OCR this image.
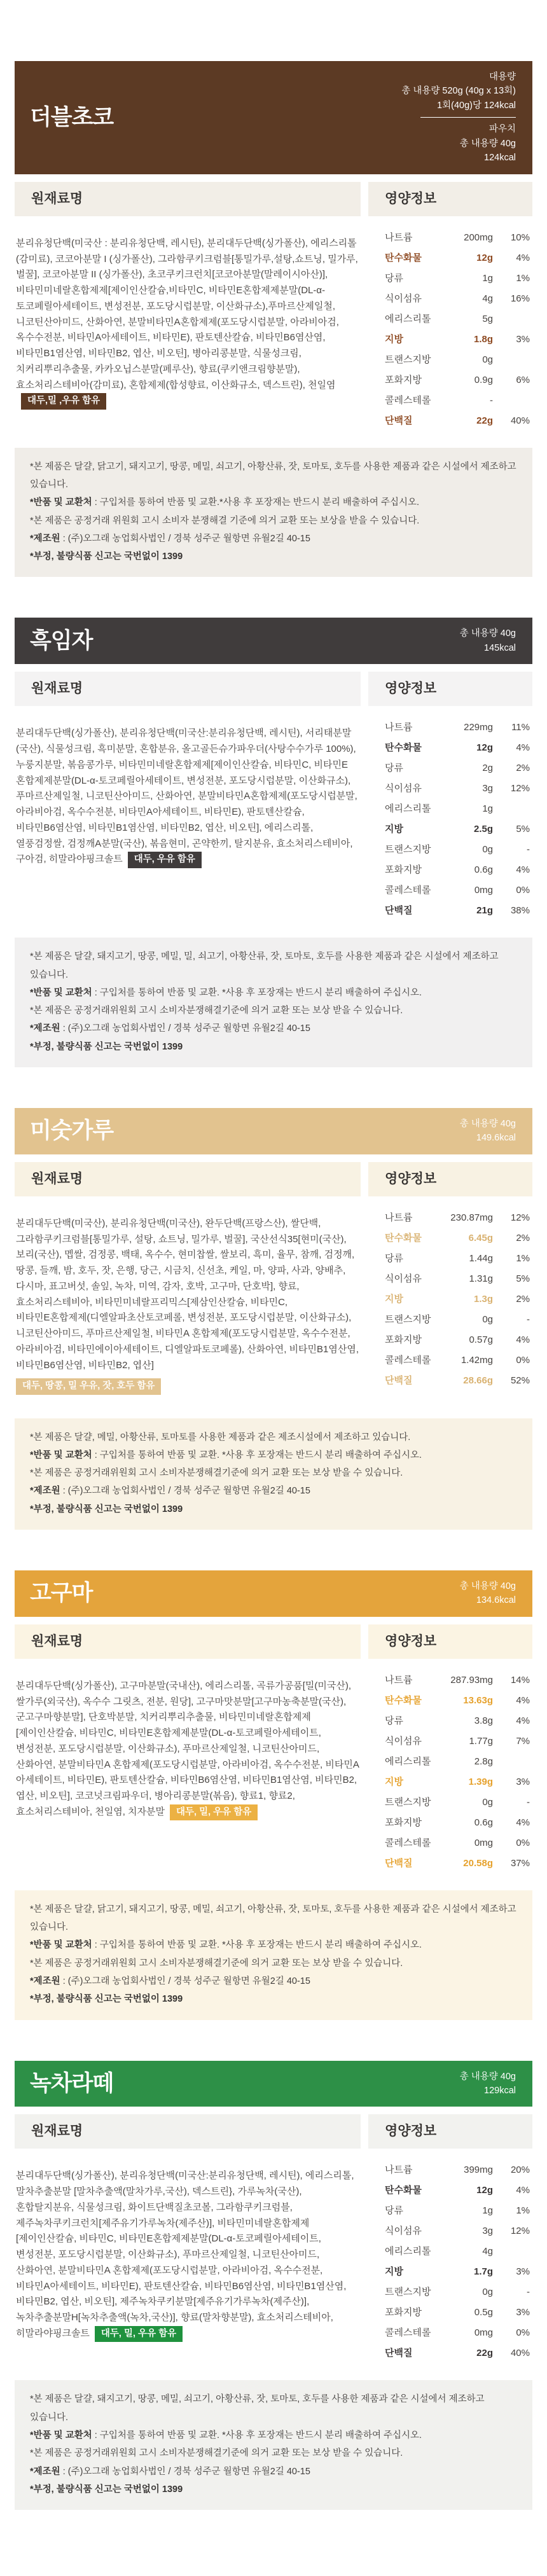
더블초코
대용량
총 내용량 520g (40g x 13회)
1회(40g)당 124kcal
파우치
총 내용량 40g
124kcal
원재료명

분리유청단백(미국산 : 분리유청단백, 레시틴), 분리대두단백(싱가폴산), 에리스리톨 (감미료), 코코아분말 I (싱가폴산), 그라함쿠키크럼블[통밀가루,설탕,쇼트닝, 밀가루,벌꿀], 코코아분말 II (싱가폴산), 초코쿠키크런치[코코아분말(말레이시아산)], 비타민미네랄혼합제제[제이인산칼슘,비타민C, 비타민E혼합제제분말(DL-α- 토코페릴아세테이트, 변성전분, 포도당시럽분말, 이산화규소),푸마르산제일철, 니코틴산아미드, 산화아연, 분말비타민A혼합제제(포도당시럽분말, 아라비아검,옥수수전분, 비타민A아세테이트, 비타민E), 판토텐산칼슘, 비타민B6염산염, 비타민B1염산염, 비타민B2, 엽산, 비오틴], 병아리콩분말, 식물성크림, 치커리뿌리추출물, 카카오닙스분말(페루산), 향료(쿠키앤크림향분말), 효소처리스테비아(감미료), 혼합제제(합성향료, 이산화규소, 덱스트린), 천일염대두,밀 ,우유 함유

영양정보
나트륨	200mg	10%
탄수화물	12g	4%
당류	1g	1%
식이섬유	4g	16%
에리스리톨	5g
지방	1.8g	3%
트랜스지방	0g
포화지방	0.9g	6%
콜레스테롤	-
단백질	22g	40%

*본 제품은 달걀, 닭고기, 돼지고기, 땅콩, 메밀, 쇠고기, 아황산류, 잣, 토마토, 호두를 사용한 제품과 같은 시설에서 제조하고 있습니다.

*반품 및 교환처 : 구입처를 통하여 반품 및 교환.*사용 후 포장재는 반드시 분리 배출하여 주십시오.

*본 제품은 공정거래 위원회 고시 소비자 분쟁해결 기준에 의거 교환 또는 보상을 받을 수 있습니다.

*제조원 : (주)오그래 농업회사법인 / 경북 성주군 월항면 유월2길 40-15

*부정, 불량식품 신고는 국번없이 1399

흑임자	총 내용량 40g
145kcal
원재료명

분리대두단백(싱가폴산), 분리유청단백(미국산:분리유청단백, 레시틴), 서리태분말(국산), 식물성크림, 흑미분말, 혼합분유, 올고골든슈가파우더(사탕수수가루 100%), 누룽지분말, 볶음콩가루, 비타민미네랄혼합제제[제이인산칼슘, 비타민C, 비타민E 혼합제제분말(DL-α-토코페릴아세테이트, 변성전분, 포도당시럽분말, 이산화규소), 푸마르산제일철, 니코틴산아미드, 산화아연, 분말비타민A혼합제제(포도당시럽분말, 아라비아검, 옥수수전분, 비타민A아세테이트, 비타민E), 판토텐산칼슘, 비타민B6염산염, 비타민B1염산염, 비타민B2, 엽산, 비오틴], 에리스리톨, 열풍검정쌀, 검정깨A분말(국산), 볶음현미, 곤약한끼, 탈지분유, 효소처리스테비아, 구아검, 히말라야핑크솔트 대두, 우유 함유

영양정보
나트륨	229mg	11%
탄수화물	12g	4%
당류	2g	2%
식이섬유	3g	12%
에리스리톨	1g
지방	2.5g	5%
트랜스지방	0g	-
포화지방	0.6g	4%
콜레스테롤	0mg	0%
단백질	21g	38%

*본 제품은 달걀, 돼지고기, 땅콩, 메밀, 밀, 쇠고기, 아황산류, 잣, 토마토, 호두를 사용한 제품과 같은 시설에서 제조하고 있습니다.

*반품 및 교환처 : 구입처를 통하여 반품 및 교환. *사용 후 포장재는 반드시 분리 배출하여 주십시오.

*본 제품은 공정거래위원회 고시 소비자분쟁해결기준에 의거 교환 또는 보상 받을 수 있습니다.

*제조원 : (주)오그래 농업회사법인 / 경북 성주군 월항면 유월2길 40-15

*부정, 불량식품 신고는 국번없이 1399

미숫가루	총 내용량 40g
149.6kcal
원재료명

분리대두단백(미국산), 분리유청단백(미국산), 완두단백(프랑스산), 쌀단백, 그라함쿠키크럼블[통밀가루, 설탕, 쇼트닝, 밀가루, 벌꿀], 국산선식35[현미(국산), 보리(국산), 멥쌀, 검정콩, 백태, 옥수수, 현미찹쌀, 쌀보리, 흑미, 율무, 참깨, 검정깨, 땅콩, 들깨, 밤, 호두, 잣, 은행, 당근, 시금치, 신선초, 케일, 마, 양파, 사과, 양배추, 다시마, 표고버섯, 솔잎, 녹차, 미역, 감자, 호박, 고구마, 단호박], 향료, 효소처리스테비아, 비타민미네랄프리믹스[제삼인산칼슘, 비타민C, 비타민E혼합제제(디엘알파초산토코페롤, 변성전분, 포도당시럽분말, 이산화규소), 니코틴산아미드, 푸마르산제일철, 비타민A 혼합제제(포도당시럽분말, 옥수수전분, 아라비아검, 비타민에이아세테이트, 디엘알파토코페롤), 산화아연, 비타민B1염산염, 비타민B6염산염, 비타민B2, 엽산]
대두, 땅콩, 밀 우유, 잣, 호두 함유

영양정보
나트륨	230.87mg	12%
탄수화물	6.45g	2%
당류	1.44g	1%
식이섬유	1.31g	5%
지방	1.3g	2%
트랜스지방	0g	-
포화지방	0.57g	4%
콜레스테롤	1.42mg	0%
단백질	28.66g	52%

*본 제품은 달걀, 메밀, 아황산류, 토마토를 사용한 제품과 같은 제조시설에서 제조하고 있습니다.

*반품 및 교환처 : 구입처를 통하여 반품 및 교환. *사용 후 포장재는 반드시 분리 배출하여 주십시오.

*본 제품은 공정거래위원회 고시 소비자분쟁해결기준에 의거 교환 또는 보상 받을 수 있습니다.

*제조원 : (주)오그래 농업회사법인 / 경북 성주군 월항면 유월2길 40-15

*부정, 불량식품 신고는 국번없이 1399

고구마	총 내용량 40g
134.6kcal
원재료명

분리대두단백(싱가폴산), 고구마분말(국내산), 에리스리톨, 곡류가공품[밀(미국산), 쌀가루(외국산), 옥수수 그릿츠, 전분, 원당], 고구마맛분말[고구마농축분말(국산), 군고구마향분말], 단호박분말, 치커리뿌리추출물, 비타민미네랄혼합제제[제이인산칼슘, 비타민C, 비타민E혼합제제분말(DL-α-토코페릴아세테이트, 변성전분, 포도당시럽분말, 이산화규소), 푸마르산제일철, 니코틴산아미드, 산화아연, 분말비타민A 혼합제제(포도당시럽분말, 아라비아검, 옥수수전분, 비타민A 아세테이트, 비타민E), 판토텐산칼슘, 비타민B6염산염, 비타민B1염산염, 비타민B2, 엽산, 비오틴], 코코넛크림파우더, 병아리콩분말(볶음), 향료1, 향료2, 효소처리스테비아, 천일염, 치자분말 대두, 밀, 우유 함유

영양정보
나트륨	287.93mg	14%
탄수화물	13.63g	4%
당류	3.8g	4%
식이섬유	1.77g	7%
에리스리톨	2.8g
지방	1.39g	3%
트랜스지방	0g	-
포화지방	0.6g	4%
콜레스테롤	0mg	0%
단백질	20.58g	37%

*본 제품은 달걀, 닭고기, 돼지고기, 땅콩, 메밀, 쇠고기, 아황산류, 잣, 토마토, 호두를 사용한 제품과 같은 시설에서 제조하고 있습니다.

*반품 및 교환처 : 구입처를 통하여 반품 및 교환. *사용 후 포장재는 반드시 분리 배출하여 주십시오.

*본 제품은 공정거래위원회 고시 소비자분쟁해결기준에 의거 교환 또는 보상 받을 수 있습니다.

*제조원 : (주)오그래 농업회사법인 / 경북 성주군 월항면 유월2길 40-15

*부정, 불량식품 신고는 국번없이 1399

녹차라떼	총 내용량 40g
129kcal
원재료명

분리대두단백(싱가폴산), 분리유청단백(미국산:분리유청단백, 레시틴), 에리스리톨, 말차추출분말 [말차추출액(말차가루,국산), 덱스트린}, 가루녹차(국산), 혼합탈지분유, 식물성크림, 화이트단백질초코볼, 그라함쿠키크럼블, 제주녹차쿠키크런치[제주유기가루녹차(제주산)], 비타민미네랄혼합제제[제이인산칼슘, 비타민C, 비타민E혼합제제분말(DL-α-토코페릴아세테이트, 변성전분, 포도당시럽분말, 이산화규소), 푸마르산제일철, 니코틴산아미드, 산화아연, 분말비타민A 혼합제제(포도당시럽분말, 아라비아검, 옥수수전분, 비타민A아세테이트, 비타민E), 판토텐산칼슘, 비타민B6염산염, 비타민B1염산염, 비타민B2, 엽산, 비오틴], 제주녹차쿠키분말[제주유기가루녹차(제주산)], 녹차추출분말H[녹차추출액(녹차,국산)], 향료(말차향분말), 효소처리스테비아, 히말라야핑크솔트 대두, 밀, 우유 함유

영양정보
나트륨	399mg	20%
탄수화물	12g	4%
당류	1g	1%
식이섬유	3g	12%
에리스리톨	4g
지방	1.7g	3%
트랜스지방	0g	-
포화지방	0.5g	3%
콜레스테롤	0mg	0%
단백질	22g	40%

*본 제품은 달걀, 돼지고기, 땅콩, 메밀, 쇠고기, 아황산류, 잣, 토마토, 호두를 사용한 제품과 같은 시설에서 제조하고 있습니다.

*반품 및 교환처 : 구입처를 통하여 반품 및 교환. *사용 후 포장재는 반드시 분리 배출하여 주십시오.

*본 제품은 공정거래위원회 고시 소비자분쟁해결기준에 의거 교환 또는 보상 받을 수 있습니다.

*제조원 : (주)오그래 농업회사법인 / 경북 성주군 월항면 유월2길 40-15

*부정, 불량식품 신고는 국번없이 1399
